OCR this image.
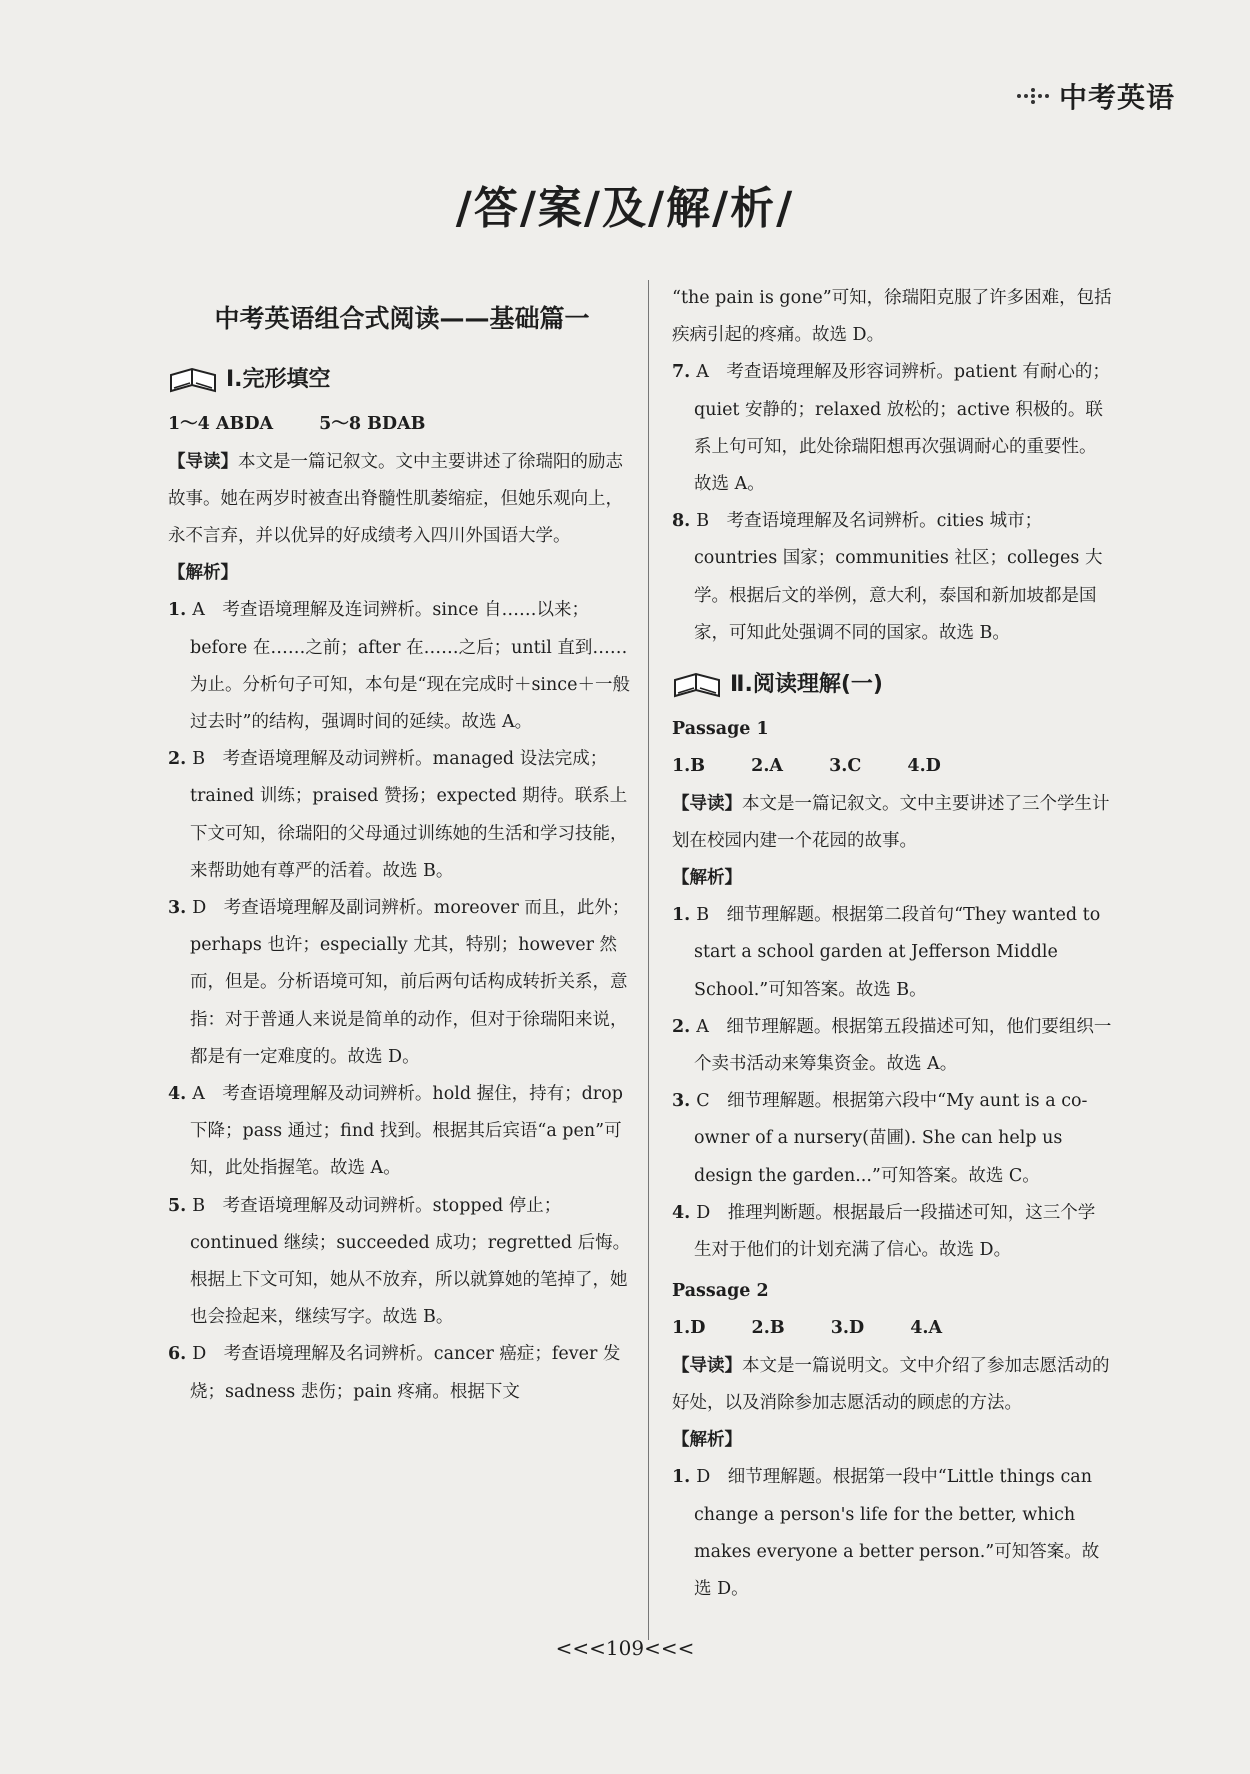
中考英语
/答/案/及/解/析/
中考英语组合式阅读——基础篇一
Ⅰ.完形填空
1～4 ABDA	5～8 BDAB
【导读】本文是一篇记叙文。文中主要讲述了徐瑞阳的励志故事。她在两岁时被查出脊髓性肌萎缩症，但她乐观向上，永不言弃，并以优异的好成绩考入四川外国语大学。
【解析】
1. A　考查语境理解及连词辨析。since 自……以来；before 在……之前；after 在……之后；until 直到……为止。分析句子可知，本句是“现在完成时＋since＋一般过去时”的结构，强调时间的延续。故选 A。
2. B　考查语境理解及动词辨析。managed 设法完成；trained 训练；praised 赞扬；expected 期待。联系上下文可知，徐瑞阳的父母通过训练她的生活和学习技能，来帮助她有尊严的活着。故选 B。
3. D　考查语境理解及副词辨析。moreover 而且，此外；perhaps 也许；especially 尤其，特别；however 然而，但是。分析语境可知，前后两句话构成转折关系，意指：对于普通人来说是简单的动作，但对于徐瑞阳来说，都是有一定难度的。故选 D。
4. A　考查语境理解及动词辨析。hold 握住，持有；drop 下降；pass 通过；find 找到。根据其后宾语“a pen”可知，此处指握笔。故选 A。
5. B　考查语境理解及动词辨析。stopped 停止；continued 继续；succeeded 成功；regretted 后悔。根据上下文可知，她从不放弃，所以就算她的笔掉了，她也会捡起来，继续写字。故选 B。
6. D　考查语境理解及名词辨析。cancer 癌症；fever 发烧；sadness 悲伤；pain 疼痛。根据下文
“the pain is gone”可知，徐瑞阳克服了许多困难，包括疾病引起的疼痛。故选 D。
7. A　考查语境理解及形容词辨析。patient 有耐心的；quiet 安静的；relaxed 放松的；active 积极的。联系上句可知，此处徐瑞阳想再次强调耐心的重要性。故选 A。
8. B　考查语境理解及名词辨析。cities 城市；countries 国家；communities 社区；colleges 大学。根据后文的举例，意大利，泰国和新加坡都是国家，可知此处强调不同的国家。故选 B。
Ⅱ.阅读理解(一)
Passage 1
1.B	2.A	3.C	4.D
【导读】本文是一篇记叙文。文中主要讲述了三个学生计划在校园内建一个花园的故事。
【解析】
1. B　细节理解题。根据第二段首句“They wanted to start a school garden at Jefferson Middle School.”可知答案。故选 B。
2. A　细节理解题。根据第五段描述可知，他们要组织一个卖书活动来筹集资金。故选 A。
3. C　细节理解题。根据第六段中“My aunt is a co-owner of a nursery(苗圃). She can help us design the garden...”可知答案。故选 C。
4. D　推理判断题。根据最后一段描述可知，这三个学生对于他们的计划充满了信心。故选 D。
Passage 2
1.D	2.B	3.D	4.A
【导读】本文是一篇说明文。文中介绍了参加志愿活动的好处，以及消除参加志愿活动的顾虑的方法。
【解析】
1. D　细节理解题。根据第一段中“Little things can change a person's life for the better, which makes everyone a better person.”可知答案。故选 D。
<<<109<<<
